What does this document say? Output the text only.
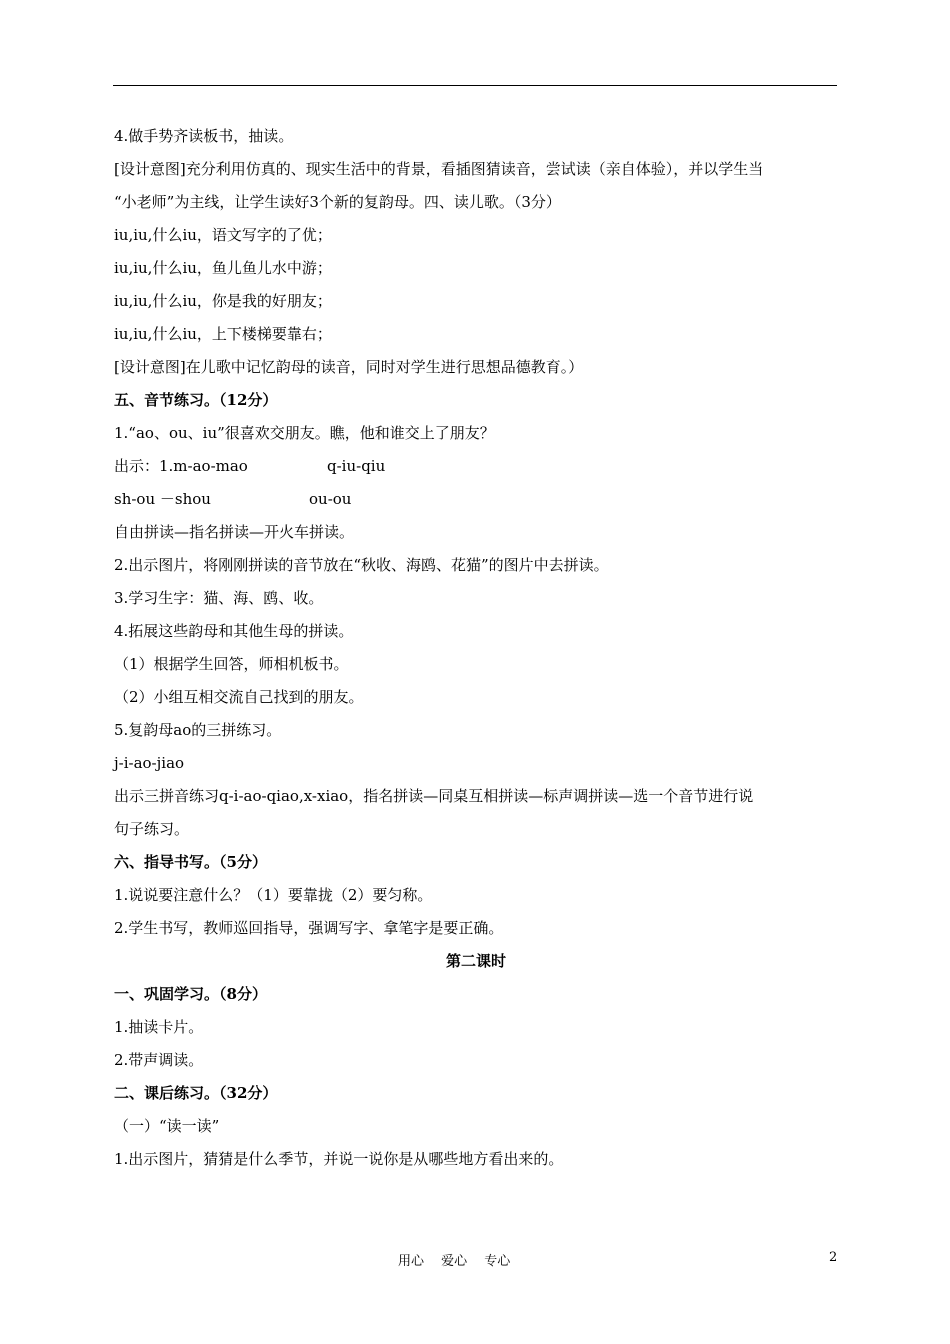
4.做手势齐读板书，抽读。
[设计意图]充分利用仿真的、现实生活中的背景，看插图猜读音，尝试读（亲自体验），并以学生当
“小老师”为主线，让学生读好3个新的复韵母。四、读儿歌。（3分）
iu,iu,什么iu，语文写字的了优；
iu,iu,什么iu，鱼儿鱼儿水中游；
iu,iu,什么iu，你是我的好朋友；
iu,iu,什么iu，上下楼梯要靠右；
[设计意图]在儿歌中记忆韵母的读音，同时对学生进行思想品德教育。）
五、音节练习。（12分）
1.“ao、ou、iu”很喜欢交朋友。瞧，他和谁交上了朋友？
出示：1.m-ao-mao	q-iu-qiu
sh-ou －shou	ou-ou
自由拼读—指名拼读—开火车拼读。
2.出示图片，将刚刚拼读的音节放在“秋收、海鸥、花猫”的图片中去拼读。
3.学习生字：猫、海、鸥、收。
4.拓展这些韵母和其他生母的拼读。
（1）根据学生回答，师相机板书。
（2）小组互相交流自己找到的朋友。
5.复韵母ao的三拼练习。
j-i-ao-jiao
出示三拼音练习q-i-ao-qiao,x-xiao，指名拼读—同桌互相拼读—标声调拼读—选一个音节进行说
句子练习。
六、指导书写。（5分）
1.说说要注意什么？（1）要靠拢（2）要匀称。
2.学生书写，教师巡回指导，强调写字、拿笔字是要正确。
第二课时
一、巩固学习。（8分）
1.抽读卡片。
2.带声调读。
二、课后练习。（32分）
（一）“读一读”
1.出示图片，猜猜是什么季节，并说一说你是从哪些地方看出来的。
用心　 爱心　 专心	2
